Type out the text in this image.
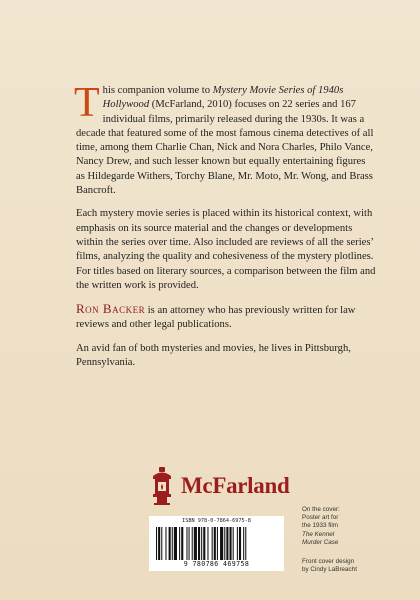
This companion volume to Mystery Movie Series of 1940s Hollywood (McFarland, 2010) focuses on 22 series and 167 individual films, primarily released during the 1930s. It was a decade that featured some of the most famous cinema detectives of all time, among them Charlie Chan, Nick and Nora Charles, Philo Vance, Nancy Drew, and such lesser known but equally entertaining figures as Hildegarde Withers, Torchy Blane, Mr. Moto, Mr. Wong, and Brass Bancroft.

Each mystery movie series is placed within its historical context, with emphasis on its source material and the changes or developments within the series over time. Also included are reviews of all the series’ films, analyzing the quality and cohesiveness of the mystery plotlines. For titles based on literary sources, a comparison between the film and the written work is provided.

Ron Backer is an attorney who has previously written for law reviews and other legal publications.

An avid fan of both mysteries and movies, he lives in Pittsburgh, Pennsylvania.

McFarland
ISBN 978-0-7864-6975-8
9 780786 469758
On the cover:
Poster art for
the 1933 film
The Kennel
Murder Case
Front cover design
by Cindy LaBreacht
